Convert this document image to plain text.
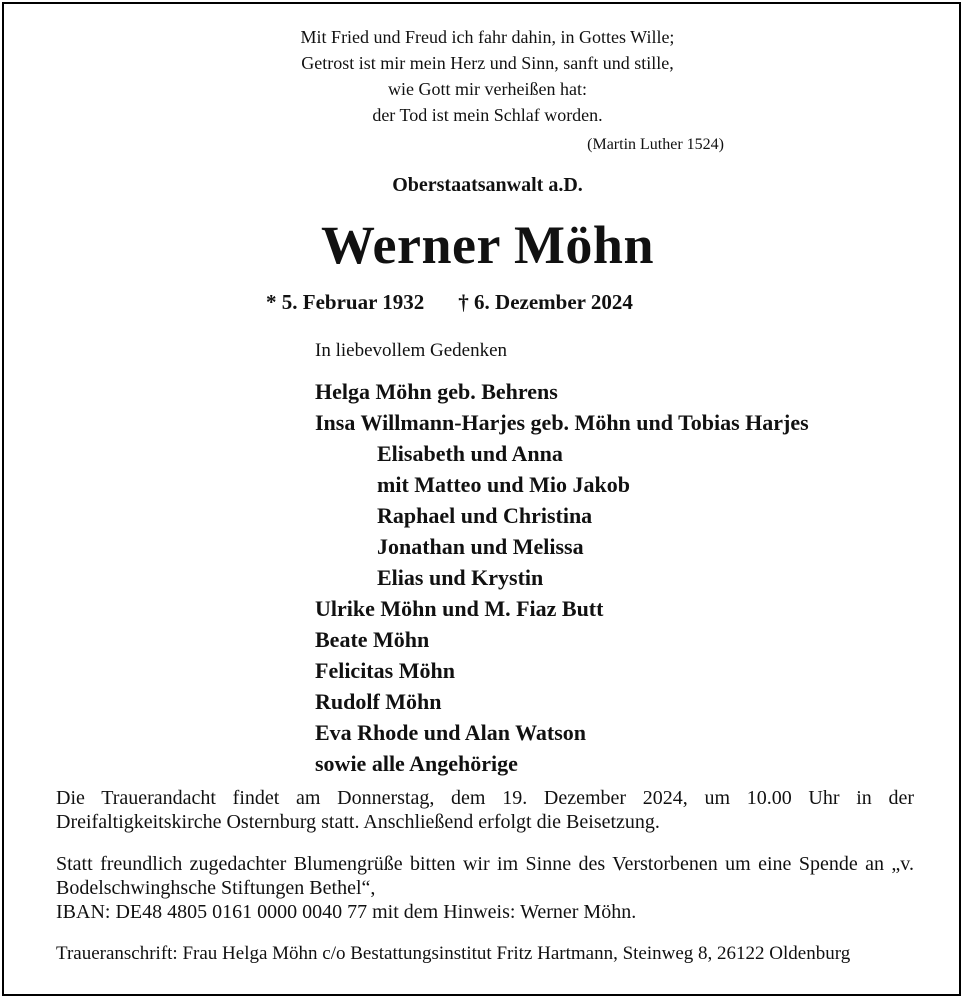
Mit Fried und Freud ich fahr dahin, in Gottes Wille;
Getrost ist mir mein Herz und Sinn, sanft und stille,
wie Gott mir verheißen hat:
der Tod ist mein Schlaf worden.
(Martin Luther 1524)
Oberstaatsanwalt a.D.
Werner Möhn
* 5. Februar 1932 † 6. Dezember 2024
In liebevollem Gedenken
Helga Möhn geb. Behrens
Insa Willmann-Harjes geb. Möhn und Tobias Harjes
Elisabeth und Anna
mit Matteo und Mio Jakob
Raphael und Christina
Jonathan und Melissa
Elias und Krystin
Ulrike Möhn und M. Fiaz Butt
Beate Möhn
Felicitas Möhn
Rudolf Möhn
Eva Rhode und Alan Watson
sowie alle Angehörige
Die Trauerandacht findet am Donnerstag, dem 19. Dezember 2024, um 10.00 Uhr in der Dreifaltigkeitskirche Osternburg statt. Anschließend erfolgt die Beisetzung.
Statt freundlich zugedachter Blumengrüße bitten wir im Sinne des Verstorbenen um eine Spende an „v. Bodelschwinghsche Stiftungen Bethel“,
IBAN: DE48 4805 0161 0000 0040 77 mit dem Hinweis: Werner Möhn.
Traueranschrift: Frau Helga Möhn c/o Bestattungsinstitut Fritz Hartmann, Steinweg 8, 26122 Oldenburg
